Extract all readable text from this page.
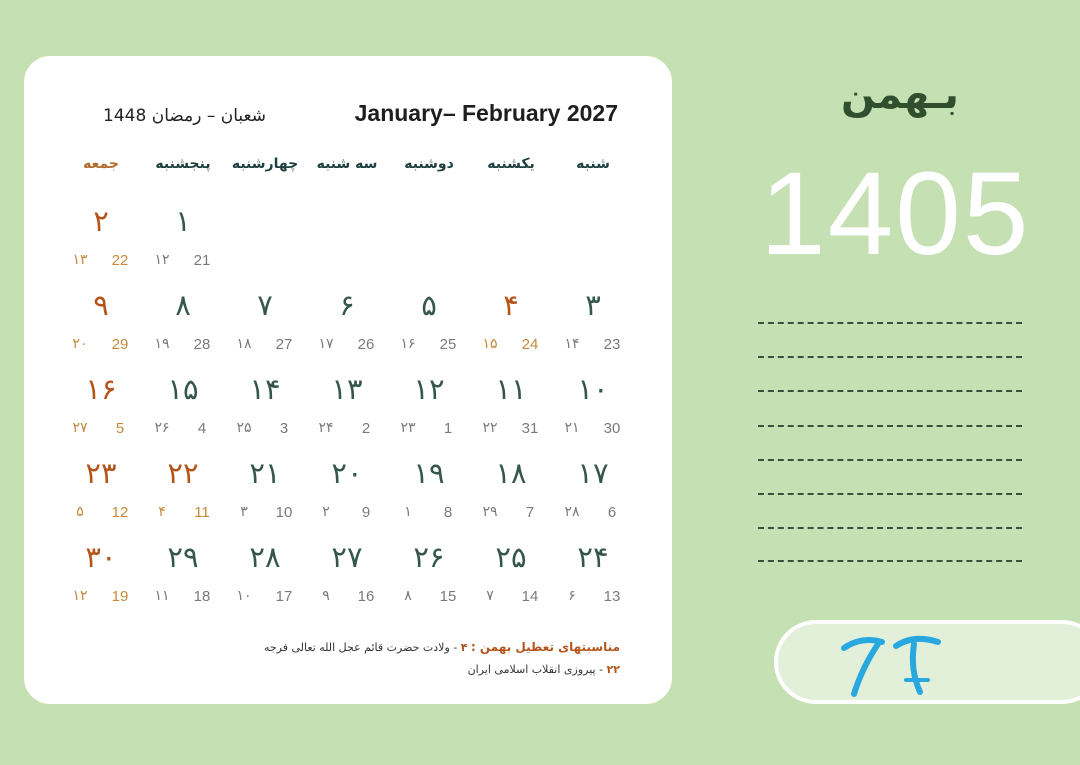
شعبان – رمضان 1448	January– February 2027
شنبه
یکشنبه
دوشنبه
سه شنبه
چهارشنبه
پنجشنبه
جمعه
۱
21
۱۲
۲
22
۱۳
۳
23
۱۴
۴
24
۱۵
۵
25
۱۶
۶
26
۱۷
۷
27
۱۸
۸
28
۱۹
۹
29
۲۰
۱۰
30
۲۱
۱۱
31
۲۲
۱۲
1
۲۳
۱۳
2
۲۴
۱۴
3
۲۵
۱۵
4
۲۶
۱۶
5
۲۷
۱۷
6
۲۸
۱۸
7
۲۹
۱۹
8
۱
۲۰
9
۲
۲۱
10
۳
۲۲
11
۴
۲۳
12
۵
۲۴
13
۶
۲۵
14
۷
۲۶
15
۸
۲۷
16
۹
۲۸
17
۱۰
۲۹
18
۱۱
۳۰
19
۱۲
مناسبتهای تعطیل بهمن : ۴ - ولادت حضرت قائم عجل الله تعالی فرجه
۲۲ - پیروزی انقلاب اسلامی ایران
بـهمن
1405
